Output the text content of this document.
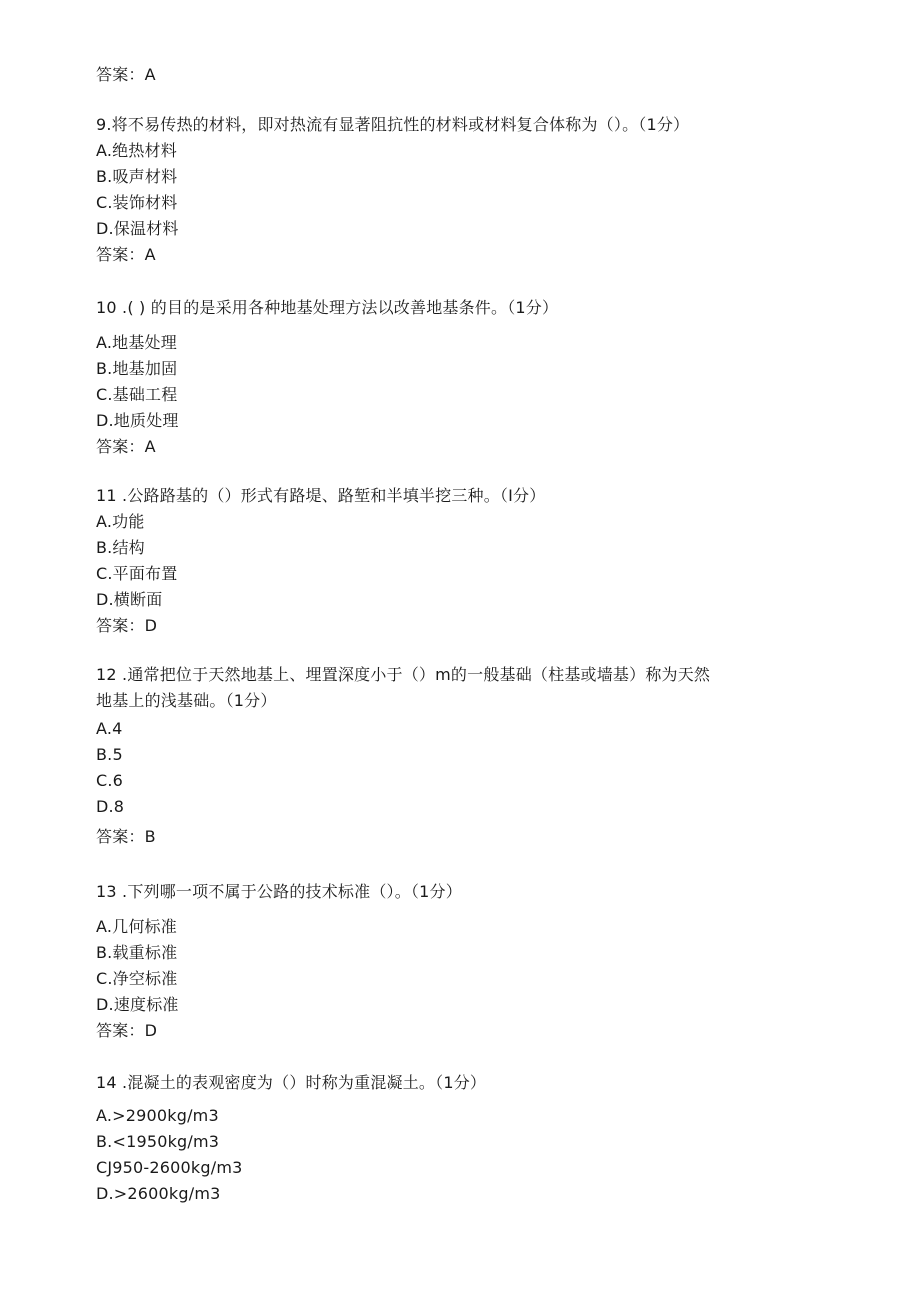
答案：A
9.将不易传热的材料，即对热流有显著阻抗性的材料或材料复合体称为（）。（1分）
A.绝热材料
B.吸声材料
C.装饰材料
D.保温材料
答案：A
10 .( ) 的目的是采用各种地基处理方法以改善地基条件。（1分）
A.地基处理
B.地基加固
C.基础工程
D.地质处理
答案：A
11 .公路路基的（）形式有路堤、路堑和半填半挖三种。（I分）
A.功能
B.结构
C.平面布置
D.横断面
答案：D
12 .通常把位于天然地基上、埋置深度小于（）m的一般基础（柱基或墙基）称为天然
地基上的浅基础。（1分）
A.4
B.5
C.6
D.8
答案：B
13 .下列哪一项不属于公路的技术标准（）。（1分）
A.几何标准
B.载重标准
C.净空标准
D.速度标准
答案：D
14 .混凝土的表观密度为（）时称为重混凝土。（1分）
A.>2900kg∕m3
B.<1950kg∕m3
CJ950-2600kg∕m3
D.>2600kg∕m3
